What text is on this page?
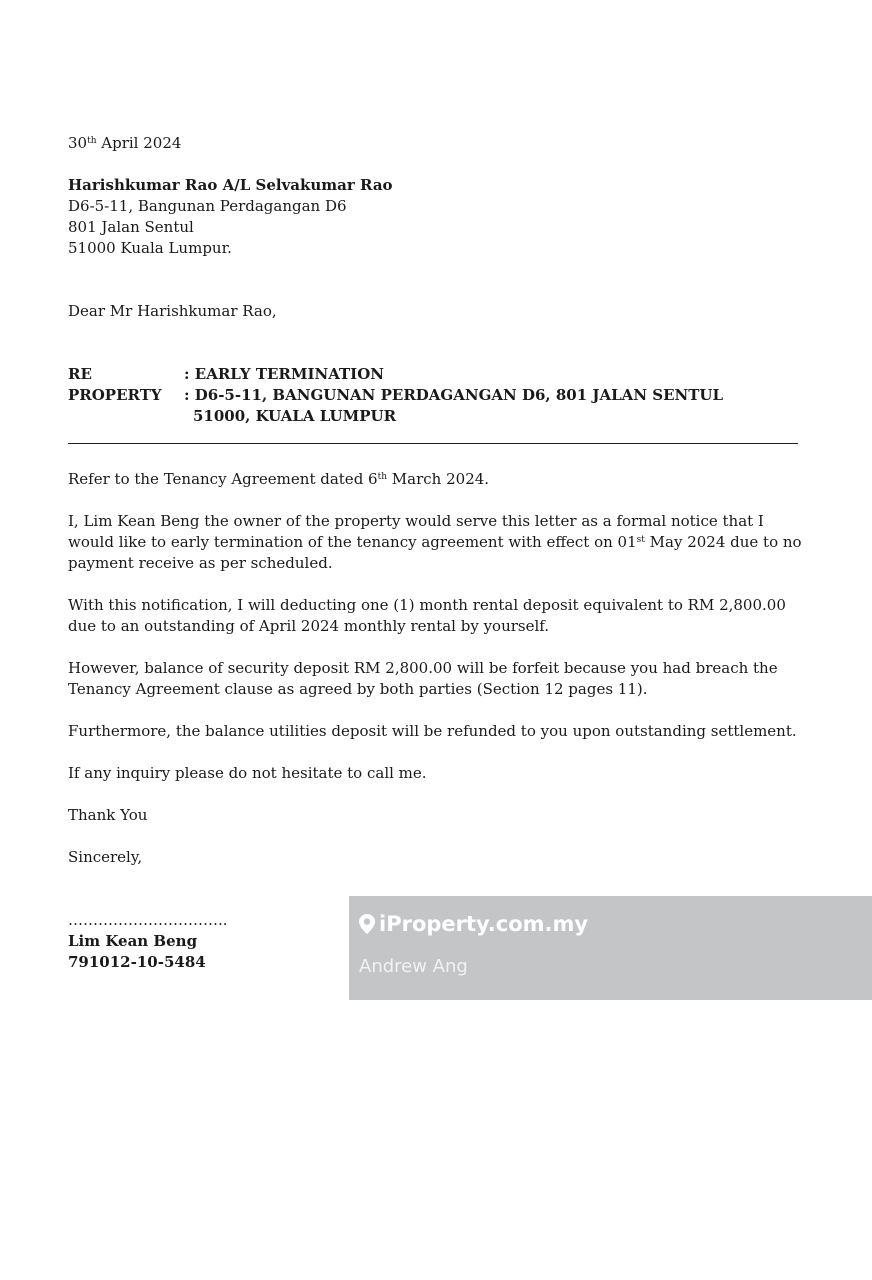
30th April 2024
Harishkumar Rao A/L Selvakumar Rao
D6-5-11, Bangunan Perdagangan D6
801 Jalan Sentul
51000 Kuala Lumpur.
Dear Mr Harishkumar Rao,
RE	: EARLY TERMINATION
PROPERTY : D6-5-11, BANGUNAN PERDAGANGAN D6, 801 JALAN SENTUL
51000, KUALA LUMPUR
Refer to the Tenancy Agreement dated 6th March 2024.
I, Lim Kean Beng the owner of the property would serve this letter as a formal notice that I
would like to early termination of the tenancy agreement with effect on 01st May 2024 due to no
payment receive as per scheduled.
With this notification, I will deducting one (1) month rental deposit equivalent to RM 2,800.00
due to an outstanding of April 2024 monthly rental by yourself.
However, balance of security deposit RM 2,800.00 will be forfeit because you had breach the
Tenancy Agreement clause as agreed by both parties (Section 12 pages 11).
Furthermore, the balance utilities deposit will be refunded to you upon outstanding settlement.
If any inquiry please do not hesitate to call me.
Thank You
Sincerely,
…………………………..
Lim Kean Beng
791012-10-5484
iProperty.com.my
Andrew Ang
